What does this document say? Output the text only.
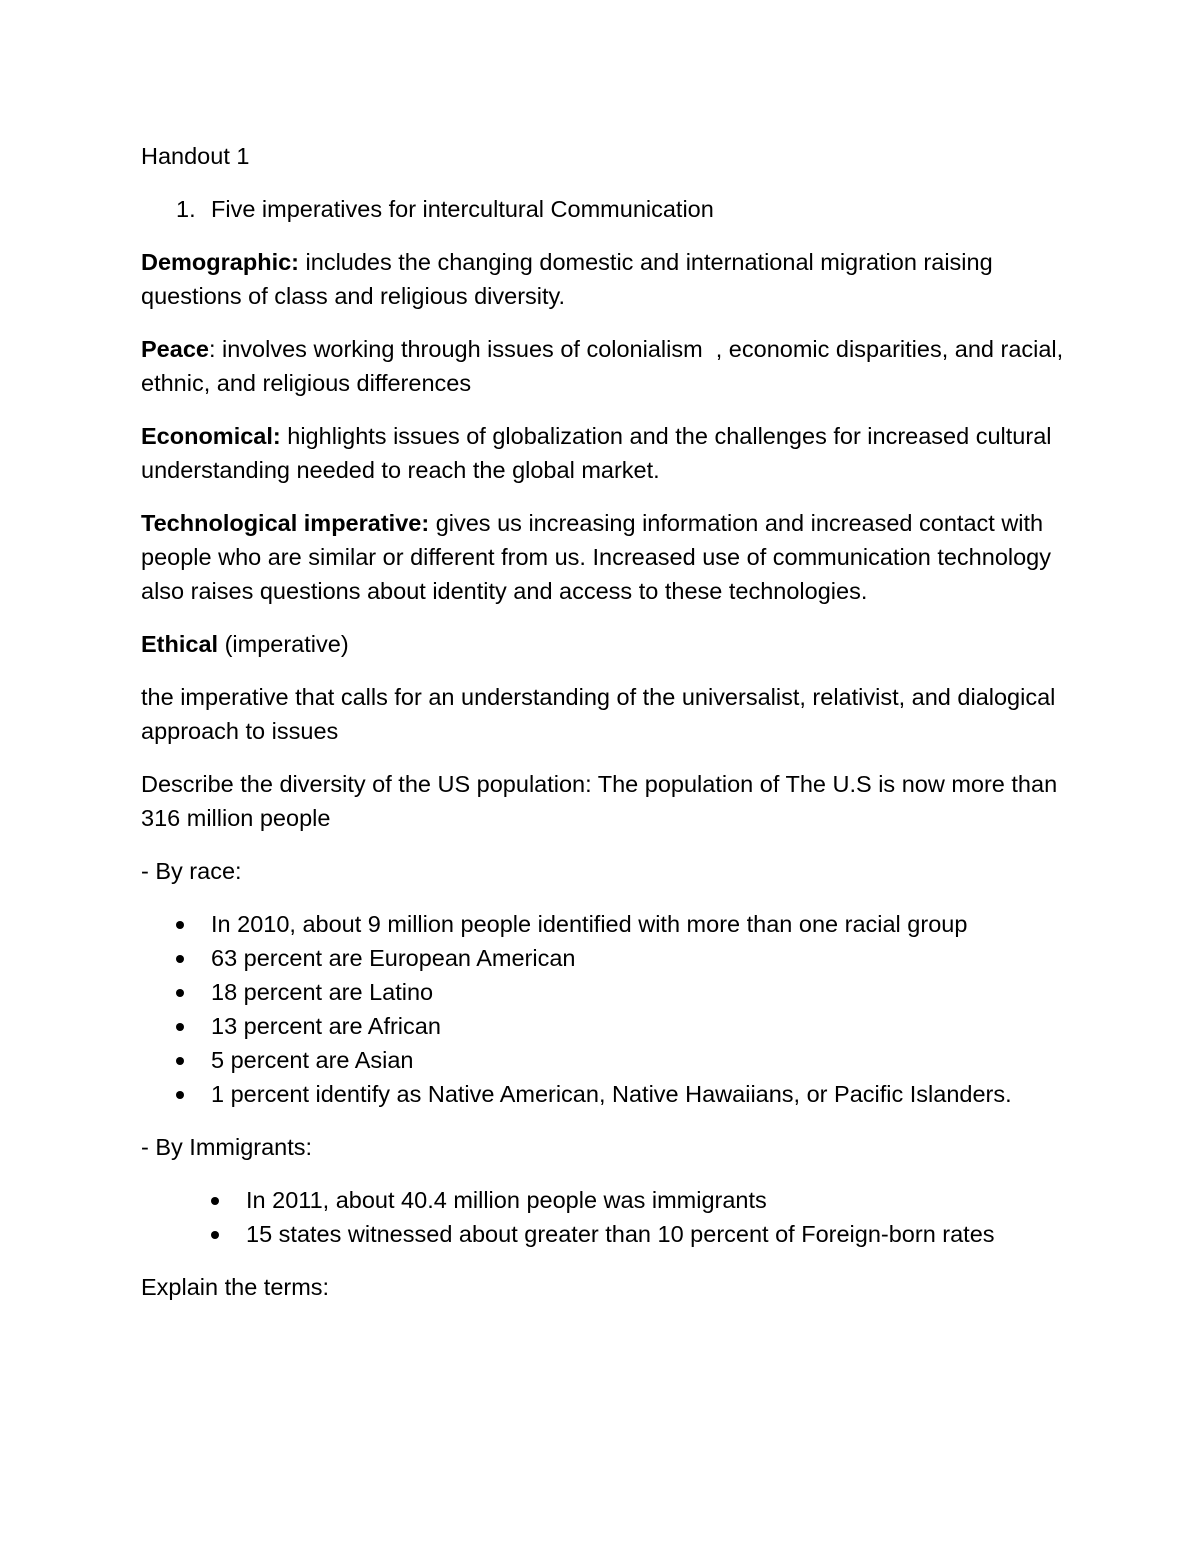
Handout 1

1. Five imperatives for intercultural Communication

Demographic: includes the changing domestic and international migration raising questions of class and religious diversity.

Peace: involves working through issues of colonialism  , economic disparities, and racial, ethnic, and religious differences

Economical: highlights issues of globalization and the challenges for increased cultural understanding needed to reach the global market.

Technological imperative: gives us increasing information and increased contact with people who are similar or different from us. Increased use of communication technology also raises questions about identity and access to these technologies.

Ethical (imperative)

the imperative that calls for an understanding of the universalist, relativist, and dialogical approach to issues

Describe the diversity of the US population: The population of The U.S is now more than 316 million people

- By race:

In 2010, about 9 million people identified with more than one racial group
63 percent are European American
18 percent are Latino
13 percent are African
5 percent are Asian
1 percent identify as Native American, Native Hawaiians, or Pacific Islanders.

- By Immigrants:

In 2011, about 40.4 million people was immigrants
15 states witnessed about greater than 10 percent of Foreign-born rates

Explain the terms:
